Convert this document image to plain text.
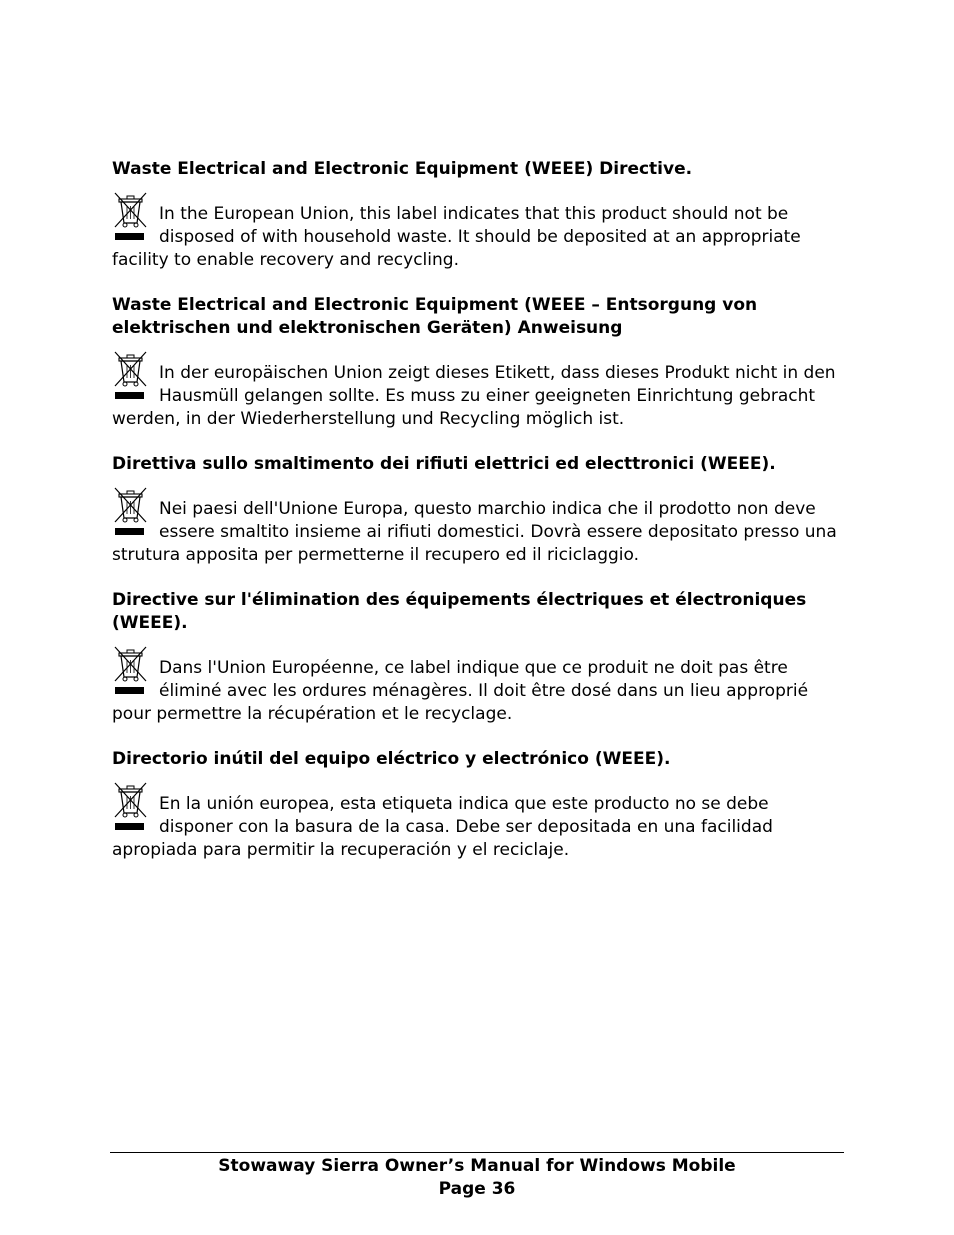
Waste Electrical and Electronic Equipment (WEEE) Directive.

In the European Union, this label indicates that this product should not be disposed of with household waste. It should be deposited at an appropriate facility to enable recovery and recycling.

Waste Electrical and Electronic Equipment (WEEE – Entsorgung von elektrischen und elektronischen Geräten) Anweisung

In der europäischen Union zeigt dieses Etikett, dass dieses Produkt nicht in den Hausmüll gelangen sollte. Es muss zu einer geeigneten Einrichtung gebracht werden, in der Wiederherstellung und Recycling möglich ist.

Direttiva sullo smaltimento dei rifiuti elettrici ed electtronici (WEEE).

Nei paesi dell'Unione Europa, questo marchio indica che il prodotto non deve essere smaltito insieme ai rifiuti domestici. Dovrà essere depositato presso una strutura apposita per permetterne il recupero ed il riciclaggio.

Directive sur l'élimination des équipements électriques et électroniques (WEEE).

Dans l'Union Européenne, ce label indique que ce produit ne doit pas être éliminé avec les ordures ménagères. Il doit être dosé dans un lieu approprié pour permettre la récupération et le recyclage.

Directorio inútil del equipo eléctrico y electrónico (WEEE).

En la unión europea, esta etiqueta indica que este producto no se debe disponer con la basura de la casa. Debe ser depositada en una facilidad apropiada para permitir la recuperación y el reciclaje.
Stowaway Sierra Owner’s Manual for Windows Mobile
Page 36
